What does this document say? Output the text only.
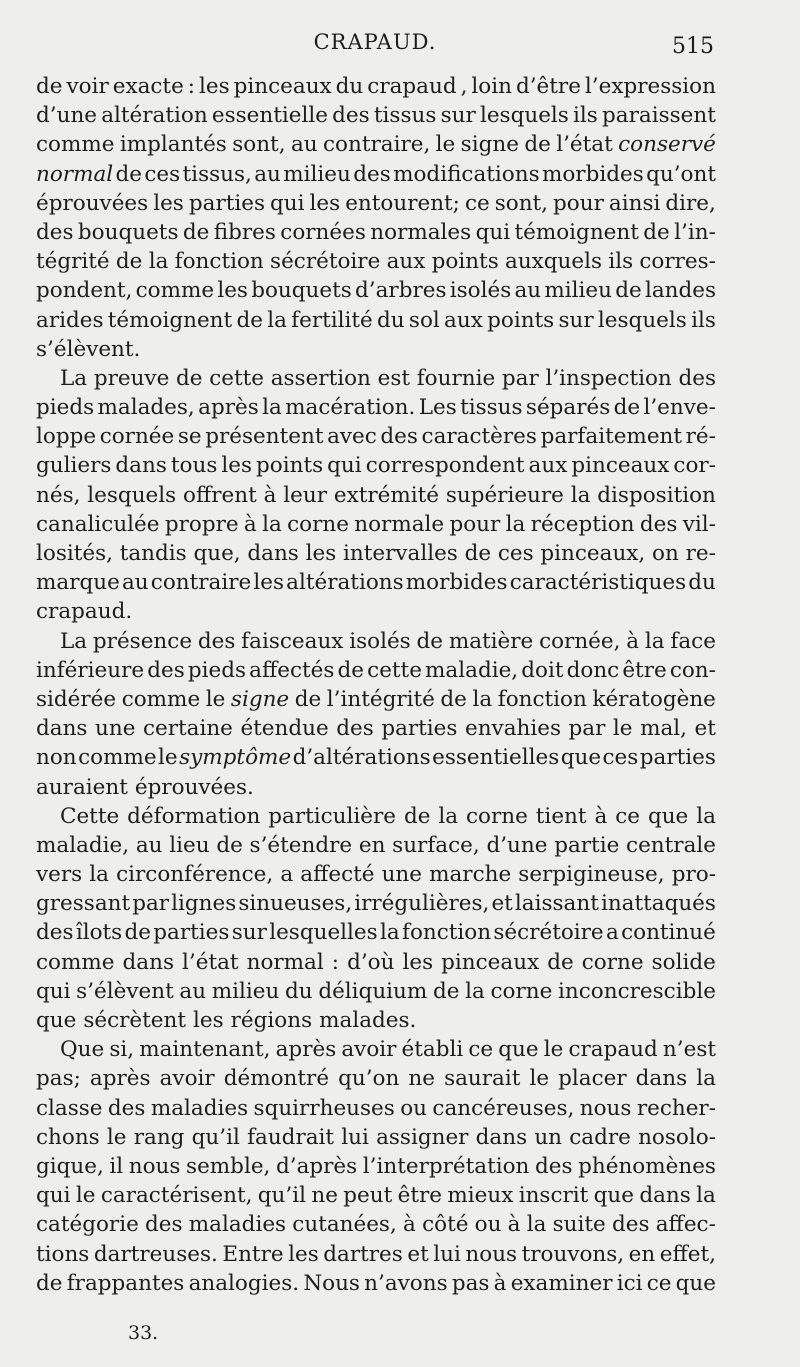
CRAPAUD.	515
de voir exacte : les pinceaux du crapaud , loin d’être l’expression
d’une altération essentielle des tissus sur lesquels ils paraissent
comme implantés sont, au contraire, le signe de l’état conservé
normal de ces tissus, au milieu des modifications morbides qu’ont
éprouvées les parties qui les entourent; ce sont, pour ainsi dire,
des bouquets de fibres cornées normales qui témoignent de l’in-
tégrité de la fonction sécrétoire aux points auxquels ils corres-
pondent, comme les bouquets d’arbres isolés au milieu de landes
arides témoignent de la fertilité du sol aux points sur lesquels ils
s’élèvent.
La preuve de cette assertion est fournie par l’inspection des
pieds malades, après la macération. Les tissus séparés de l’enve-
loppe cornée se présentent avec des caractères parfaitement ré-
guliers dans tous les points qui correspondent aux pinceaux cor-
nés, lesquels offrent à leur extrémité supérieure la disposition
canaliculée propre à la corne normale pour la réception des vil-
losités, tandis que, dans les intervalles de ces pinceaux, on re-
marque au contraire les altérations morbides caractéristiques du
crapaud.
La présence des faisceaux isolés de matière cornée, à la face
inférieure des pieds affectés de cette maladie, doit donc être con-
sidérée comme le signe de l’intégrité de la fonction kératogène
dans une certaine étendue des parties envahies par le mal, et
non comme le symptôme d’altérations essentielles que ces parties
auraient éprouvées.
Cette déformation particulière de la corne tient à ce que la
maladie, au lieu de s’étendre en surface, d’une partie centrale
vers la circonférence, a affecté une marche serpigineuse, pro-
gressant par lignes sinueuses, irrégulières, et laissant inattaqués
des îlots de parties sur lesquelles la fonction sécrétoire a continué
comme dans l’état normal : d’où les pinceaux de corne solide
qui s’élèvent au milieu du déliquium de la corne inconcrescible
que sécrètent les régions malades.
Que si, maintenant, après avoir établi ce que le crapaud n’est
pas; après avoir démontré qu’on ne saurait le placer dans la
classe des maladies squirrheuses ou cancéreuses, nous recher-
chons le rang qu’il faudrait lui assigner dans un cadre nosolo-
gique, il nous semble, d’après l’interprétation des phénomènes
qui le caractérisent, qu’il ne peut être mieux inscrit que dans la
catégorie des maladies cutanées, à côté ou à la suite des affec-
tions dartreuses. Entre les dartres et lui nous trouvons, en effet,
de frappantes analogies. Nous n’avons pas à examiner ici ce que
33.
